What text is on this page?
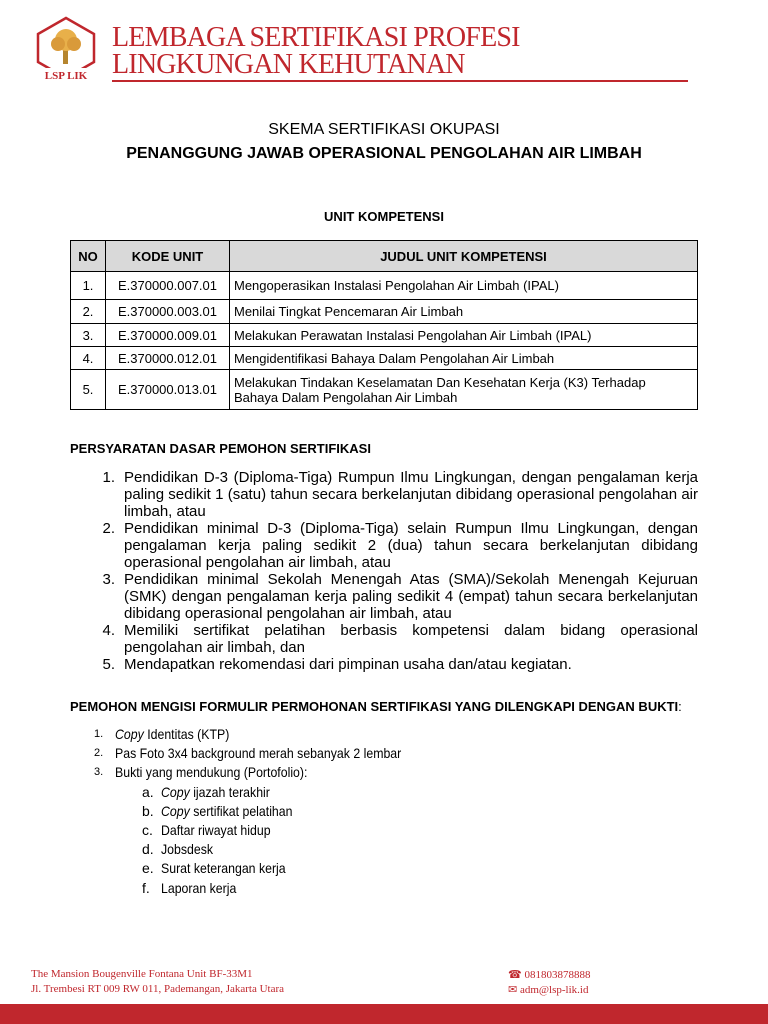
LSP LIK
LEMBAGA SERTIFIKASI PROFESI
LINGKUNGAN KEHUTANAN
SKEMA SERTIFIKASI OKUPASI
PENANGGUNG JAWAB OPERASIONAL PENGOLAHAN AIR LIMBAH
UNIT KOMPETENSI
NO	KODE UNIT	JUDUL UNIT KOMPETENSI
1.	E.370000.007.01	Mengoperasikan Instalasi Pengolahan Air Limbah (IPAL)
2.	E.370000.003.01	Menilai Tingkat Pencemaran Air Limbah
3.	E.370000.009.01	Melakukan Perawatan Instalasi Pengolahan Air Limbah (IPAL)
4.	E.370000.012.01	Mengidentifikasi Bahaya Dalam Pengolahan Air Limbah
5.	E.370000.013.01	Melakukan Tindakan Keselamatan Dan Kesehatan Kerja (K3) Terhadap Bahaya Dalam Pengolahan Air Limbah
PERSYARATAN DASAR PEMOHON SERTIFIKASI
1. Pendidikan D-3 (Diploma-Tiga) Rumpun Ilmu Lingkungan, dengan pengalaman kerja paling sedikit 1 (satu) tahun secara berkelanjutan dibidang operasional pengolahan air limbah, atau
2. Pendidikan minimal D-3 (Diploma-Tiga) selain Rumpun Ilmu Lingkungan, dengan pengalaman kerja paling sedikit 2 (dua) tahun secara berkelanjutan dibidang operasional pengolahan air limbah, atau
3. Pendidikan minimal Sekolah Menengah Atas (SMA)/Sekolah Menengah Kejuruan (SMK) dengan pengalaman kerja paling sedikit 4 (empat) tahun secara berkelanjutan dibidang operasional pengolahan air limbah, atau
4. Memiliki sertifikat pelatihan berbasis kompetensi dalam bidang operasional pengolahan air limbah, dan
5. Mendapatkan rekomendasi dari pimpinan usaha dan/atau kegiatan.
PEMOHON MENGISI FORMULIR PERMOHONAN SERTIFIKASI YANG DILENGKAPI DENGAN BUKTI:
1. Copy Identitas (KTP)
2. Pas Foto 3x4 background merah sebanyak 2 lembar
3. Bukti yang mendukung (Portofolio):
a. Copy ijazah terakhir
b. Copy sertifikat pelatihan
c. Daftar riwayat hidup
d. Jobsdesk
e. Surat keterangan kerja
f. Laporan kerja
The Mansion Bougenville Fontana Unit BF-33M1
Jl. Trembesi RT 009 RW 011, Pademangan, Jakarta Utara
☎ 081803878888
✉ adm@lsp-lik.id
